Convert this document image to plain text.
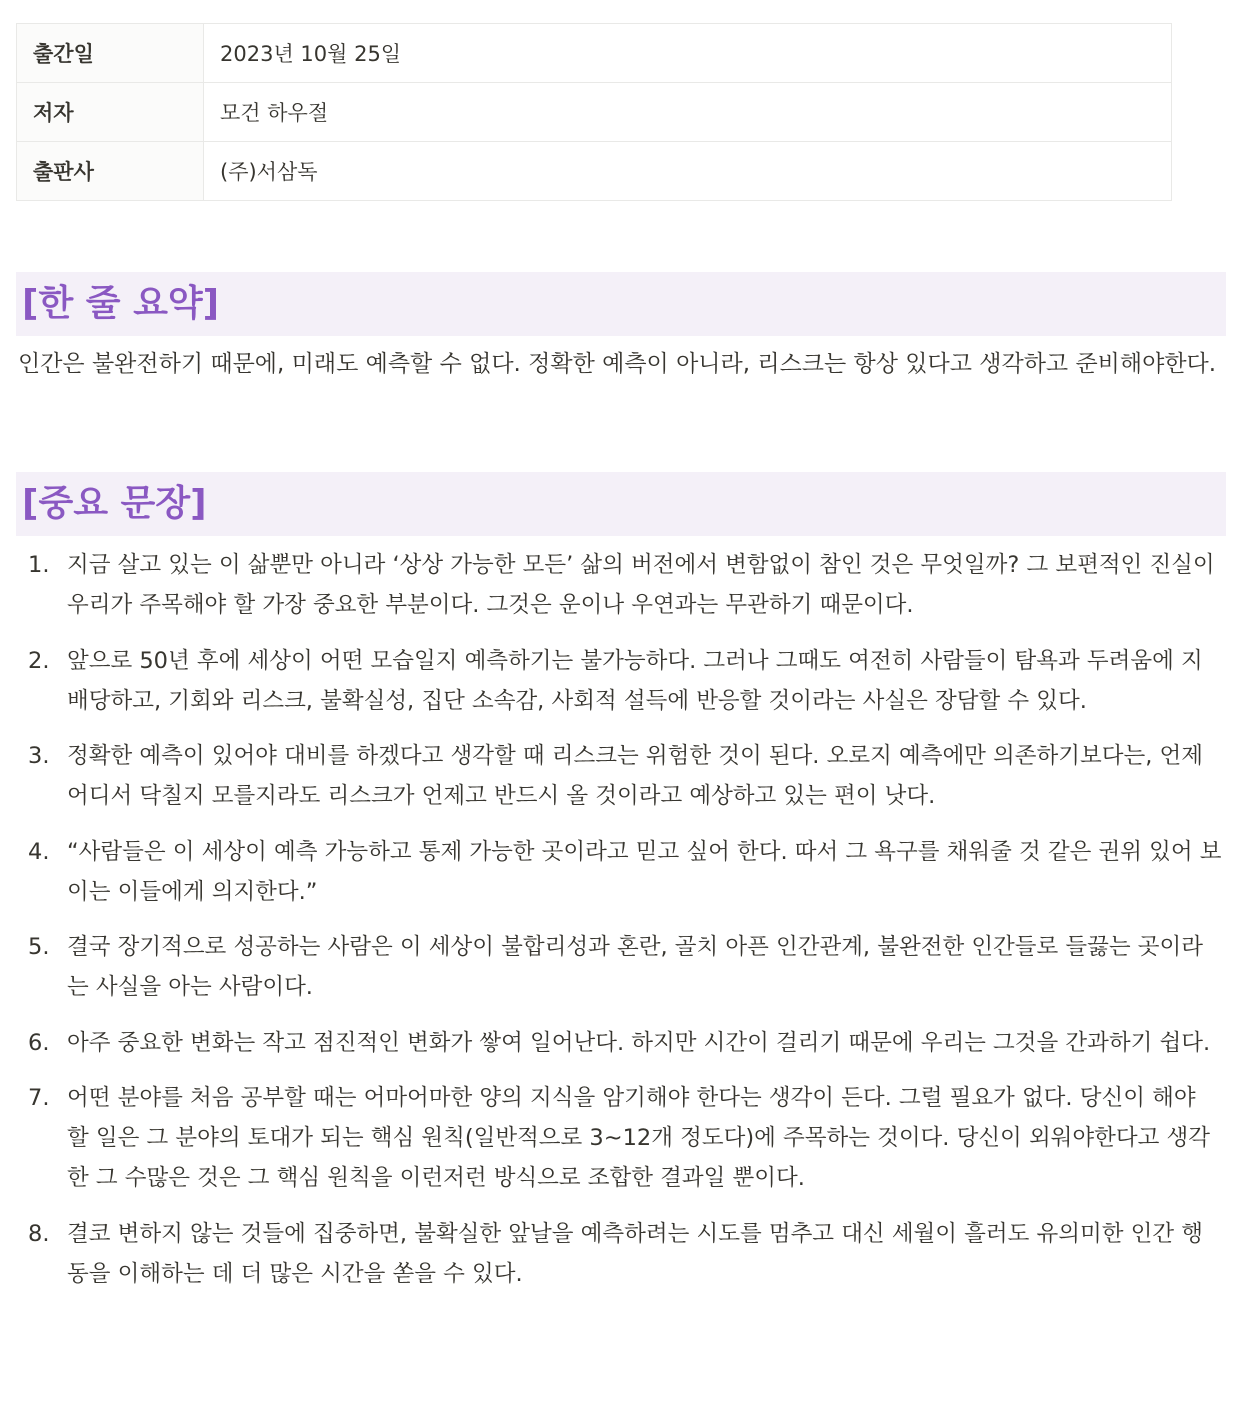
출간일	2023년 10월 25일
저자	모건 하우절
출판사	(주)서삼독
[한 줄 요약]

인간은 불완전하기 때문에, 미래도 예측할 수 없다. 정확한 예측이 아니라, 리스크는 항상 있다고 생각하고 준비해야한다.

[중요 문장]
1. 지금 살고 있는 이 삶뿐만 아니라 ‘상상 가능한 모든’ 삶의 버전에서 변함없이 참인 것은 무엇일까? 그 보편적인 진실이 우리가 주목해야 할 가장 중요한 부분이다. 그것은 운이나 우연과는 무관하기 때문이다.
2. 앞으로 50년 후에 세상이 어떤 모습일지 예측하기는 불가능하다. 그러나 그때도 여전히 사람들이 탐욕과 두려움에 지배당하고, 기회와 리스크, 불확실성, 집단 소속감, 사회적 설득에 반응할 것이라는 사실은 장담할 수 있다.
3. 정확한 예측이 있어야 대비를 하겠다고 생각할 때 리스크는 위험한 것이 된다. 오로지 예측에만 의존하기보다는, 언제 어디서 닥칠지 모를지라도 리스크가 언제고 반드시 올 것이라고 예상하고 있는 편이 낫다.
4. “사람들은 이 세상이 예측 가능하고 통제 가능한 곳이라고 믿고 싶어 한다. 따서 그 욕구를 채워줄 것 같은 권위 있어 보이는 이들에게 의지한다.”
5. 결국 장기적으로 성공하는 사람은 이 세상이 불합리성과 혼란, 골치 아픈 인간관계, 불완전한 인간들로 들끓는 곳이라는 사실을 아는 사람이다.
6. 아주 중요한 변화는 작고 점진적인 변화가 쌓여 일어난다. 하지만 시간이 걸리기 때문에 우리는 그것을 간과하기 쉽다.
7. 어떤 분야를 처음 공부할 때는 어마어마한 양의 지식을 암기해야 한다는 생각이 든다. 그럴 필요가 없다. 당신이 해야 할 일은 그 분야의 토대가 되는 핵심 원칙(일반적으로 3~12개 정도다)에 주목하는 것이다. 당신이 외워야한다고 생각한 그 수많은 것은 그 핵심 원칙을 이런저런 방식으로 조합한 결과일 뿐이다.
8. 결코 변하지 않는 것들에 집중하면, 불확실한 앞날을 예측하려는 시도를 멈추고 대신 세월이 흘러도 유의미한 인간 행동을 이해하는 데 더 많은 시간을 쏟을 수 있다.
